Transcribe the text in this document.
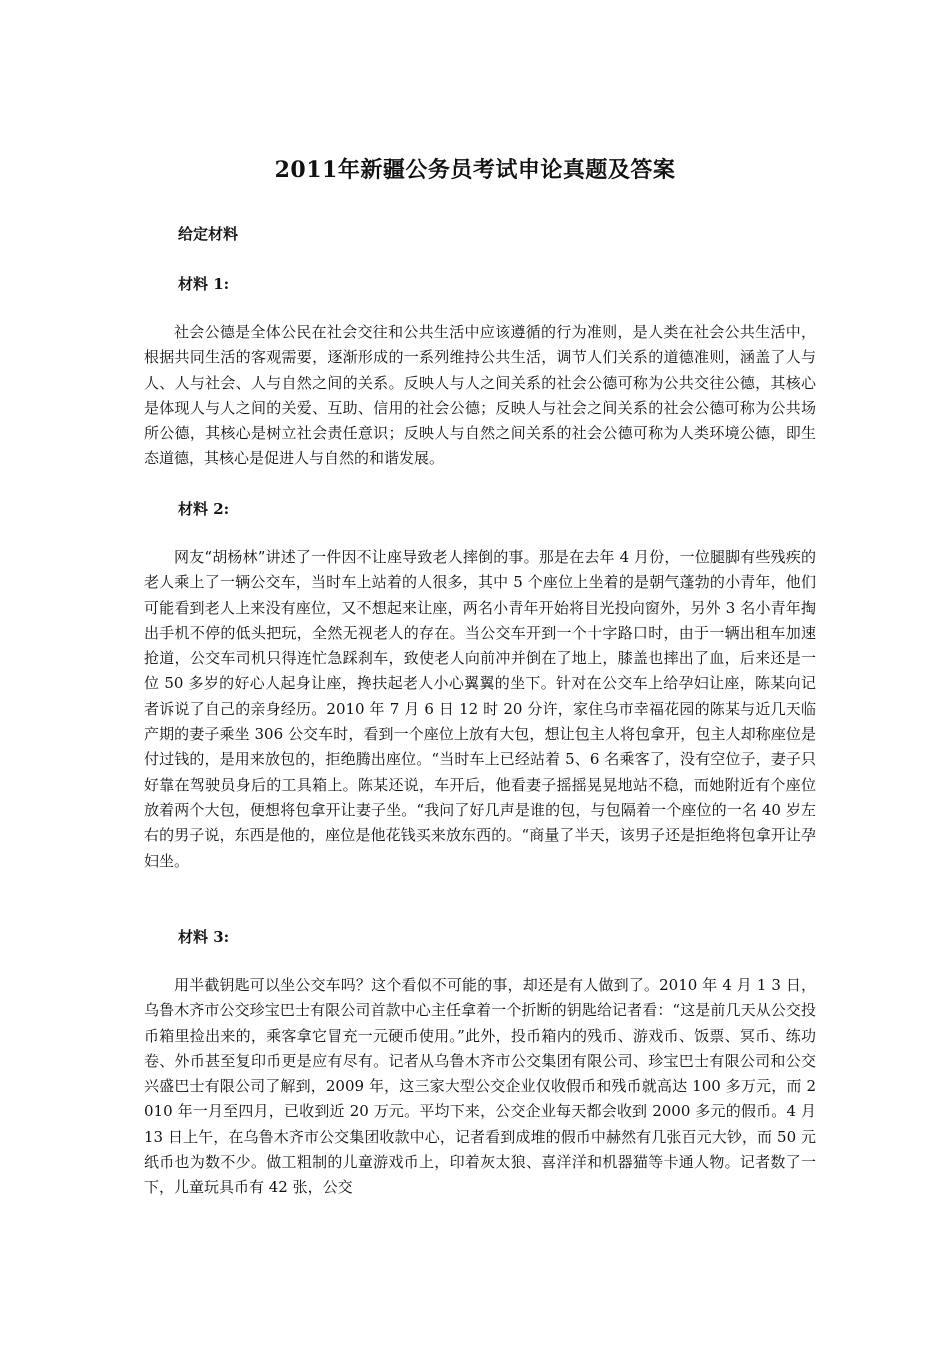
2011年新疆公务员考试申论真题及答案
给定材料
材料 1:
社会公德是全体公民在社会交往和公共生活中应该遵循的行为准则，是人类在社会公共生活中，根据共同生活的客观需要，逐渐形成的一系列维持公共生活，调节人们关系的道德准则，涵盖了人与人、人与社会、人与自然之间的关系。反映人与人之间关系的社会公德可称为公共交往公德，其核心是体现人与人之间的关爱、互助、信用的社会公德；反映人与社会之间关系的社会公德可称为公共场所公德，其核心是树立社会责任意识；反映人与自然之间关系的社会公德可称为人类环境公德，即生态道德，其核心是促进人与自然的和谐发展。
材料 2:
网友“胡杨林”讲述了一件因不让座导致老人摔倒的事。那是在去年 4 月份，一位腿脚有些残疾的老人乘上了一辆公交车，当时车上站着的人很多，其中 5 个座位上坐着的是朝气蓬勃的小青年，他们可能看到老人上来没有座位，又不想起来让座，两名小青年开始将目光投向窗外，另外 3 名小青年掏出手机不停的低头把玩，全然无视老人的存在。当公交车开到一个十字路口时，由于一辆出租车加速抢道，公交车司机只得连忙急踩刹车，致使老人向前冲并倒在了地上，膝盖也摔出了血，后来还是一位 50 多岁的好心人起身让座，搀扶起老人小心翼翼的坐下。针对在公交车上给孕妇让座，陈某向记者诉说了自己的亲身经历。2010 年 7 月 6 日 12 时 20 分许，家住乌市幸福花园的陈某与近几天临产期的妻子乘坐 306 公交车时，看到一个座位上放有大包，想让包主人将包拿开，包主人却称座位是付过钱的，是用来放包的，拒绝腾出座位。“当时车上已经站着 5、6 名乘客了，没有空位子，妻子只好靠在驾驶员身后的工具箱上。陈某还说，车开后，他看妻子摇摇晃晃地站不稳，而她附近有个座位放着两个大包，便想将包拿开让妻子坐。“我问了好几声是谁的包，与包隔着一个座位的一名 40 岁左右的男子说，东西是他的，座位是他花钱买来放东西的。“商量了半天，该男子还是拒绝将包拿开让孕妇坐。
材料 3:
用半截钥匙可以坐公交车吗？这个看似不可能的事，却还是有人做到了。2010 年 4 月 1 3 日，乌鲁木齐市公交珍宝巴士有限公司首款中心主任拿着一个折断的钥匙给记者看：“这是前几天从公交投币箱里捡出来的，乘客拿它冒充一元硬币使用。”此外，投币箱内的残币、游戏币、饭票、冥币、练功卷、外币甚至复印币更是应有尽有。记者从乌鲁木齐市公交集团有限公司、珍宝巴士有限公司和公交兴盛巴士有限公司了解到，2009 年，这三家大型公交企业仅收假币和残币就高达 100 多万元，而 2010 年一月至四月，已收到近 20 万元。平均下来，公交企业每天都会收到 2000 多元的假币。4 月 13 日上午，在乌鲁木齐市公交集团收款中心，记者看到成堆的假币中赫然有几张百元大钞，而 50 元纸币也为数不少。做工粗制的儿童游戏币上，印着灰太狼、喜洋洋和机器猫等卡通人物。记者数了一下，儿童玩具币有 42 张，公交
